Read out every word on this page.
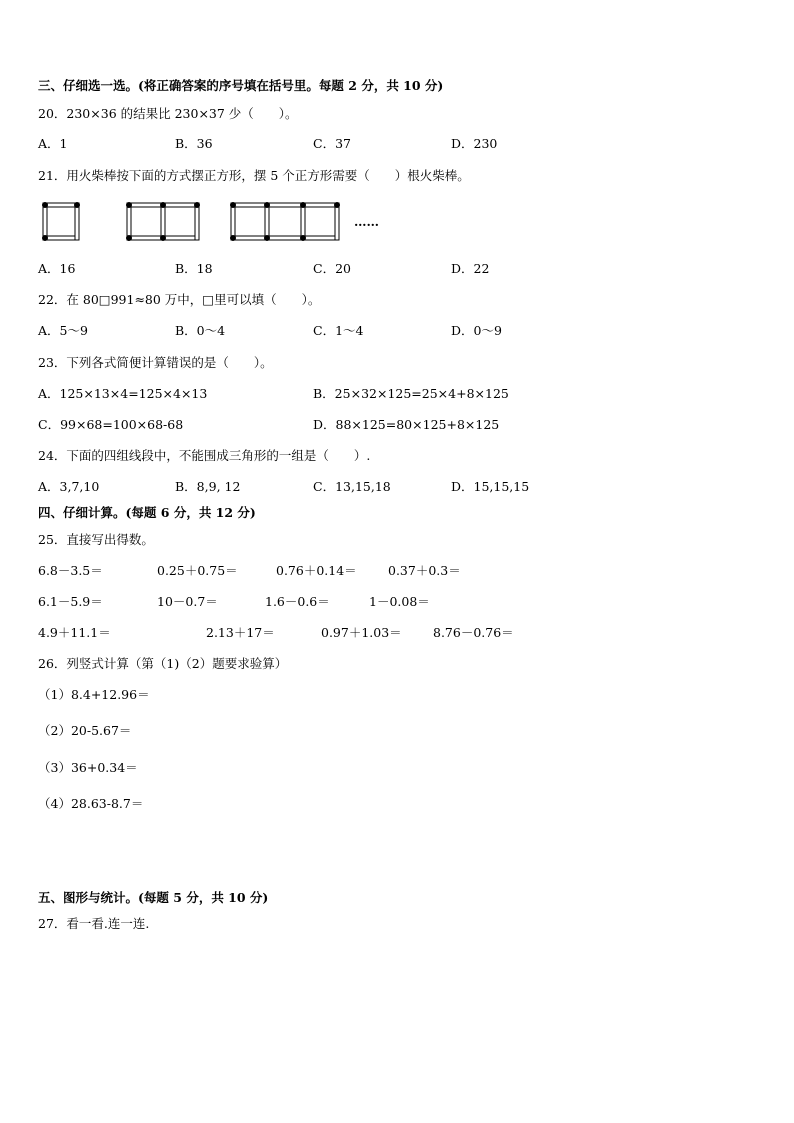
三、仔细选一选。(将正确答案的序号填在括号里。每题 2 分，共 10 分)
20．230×36 的结果比 230×37 少（　　）。
A．1	B．36	C．37	D．230
21．用火柴棒按下面的方式摆正方形，摆 5 个正方形需要（　　）根火柴棒。
……
A．16	B．18	C．20	D．22
22．在 80□991≈80 万中，□里可以填（　　）。
A．5～9	B．0～4	C．1～4	D．0～9
23．下列各式简便计算错误的是（　　）。
A．125×13×4=125×4×13	B．25×32×125=25×4+8×125
C．99×68=100×68-68	D．88×125=80×125+8×125
24．下面的四组线段中，不能围成三角形的一组是（　　）.
A．3,7,10	B．8,9, 12	C．13,15,18	D．15,15,15
四、仔细计算。(每题 6 分，共 12 分)
25．直接写出得数。
6.8－3.5＝	0.25＋0.75＝	0.76＋0.14＝	0.37＋0.3＝
6.1－5.9＝	10－0.7＝	1.6－0.6＝	1－0.08＝
4.9＋11.1＝	2.13＋17＝	0.97＋1.03＝	8.76－0.76＝
26．列竖式计算（第（1)（2）题要求验算）
（1）8.4+12.96＝
（2）20-5.67＝
（3）36+0.34＝
（4）28.63-8.7＝
五、图形与统计。(每题 5 分，共 10 分)
27．看一看.连一连.
